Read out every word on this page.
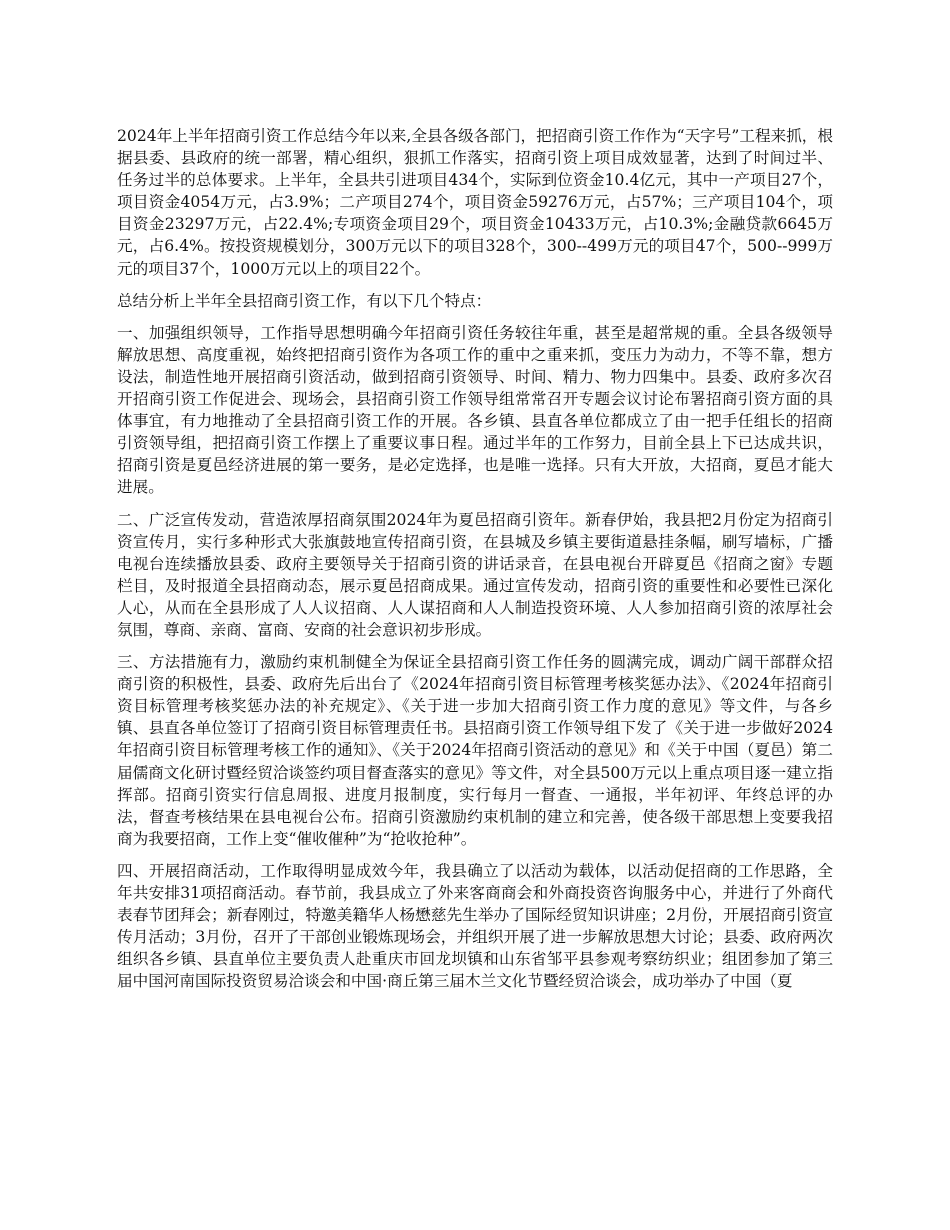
2024年上半年招商引资工作总结今年以来,全县各级各部门，把招商引资工作作为“天字号”工程来抓，根据县委、县政府的统一部署，精心组织，狠抓工作落实，招商引资上项目成效显著，达到了时间过半、任务过半的总体要求。上半年，全县共引进项目434个，实际到位资金10.4亿元，其中一产项目27个，项目资金4054万元，占3.9%；二产项目274个，项目资金59276万元，占57%；三产项目104个，项目资金23297万元，占22.4%;专项资金项目29个，项目资金10433万元，占10.3%;金融贷款6645万元，占6.4%。按投资规模划分，300万元以下的项目328个，300--499万元的项目47个，500--999万元的项目37个，1000万元以上的项目22个。

总结分析上半年全县招商引资工作，有以下几个特点：

一、加强组织领导，工作指导思想明确今年招商引资任务较往年重，甚至是超常规的重。全县各级领导解放思想、高度重视，始终把招商引资作为各项工作的重中之重来抓，变压力为动力，不等不靠，想方设法，制造性地开展招商引资活动，做到招商引资领导、时间、精力、物力四集中。县委、政府多次召开招商引资工作促进会、现场会，县招商引资工作领导组常常召开专题会议讨论布署招商引资方面的具体事宜，有力地推动了全县招商引资工作的开展。各乡镇、县直各单位都成立了由一把手任组长的招商引资领导组，把招商引资工作摆上了重要议事日程。通过半年的工作努力，目前全县上下已达成共识，招商引资是夏邑经济进展的第一要务，是必定选择，也是唯一选择。只有大开放，大招商，夏邑才能大进展。

二、广泛宣传发动，营造浓厚招商氛围2024年为夏邑招商引资年。新春伊始，我县把2月份定为招商引资宣传月，实行多种形式大张旗鼓地宣传招商引资，在县城及乡镇主要街道悬挂条幅，刷写墙标，广播电视台连续播放县委、政府主要领导关于招商引资的讲话录音，在县电视台开辟夏邑《招商之窗》专题栏目，及时报道全县招商动态，展示夏邑招商成果。通过宣传发动，招商引资的重要性和必要性已深化人心，从而在全县形成了人人议招商、人人谋招商和人人制造投资环境、人人参加招商引资的浓厚社会氛围，尊商、亲商、富商、安商的社会意识初步形成。

三、方法措施有力，激励约束机制健全为保证全县招商引资工作任务的圆满完成，调动广阔干部群众招商引资的积极性，县委、政府先后出台了《2024年招商引资目标管理考核奖惩办法》、《2024年招商引资目标管理考核奖惩办法的补充规定》、《关于进一步加大招商引资工作力度的意见》等文件，与各乡镇、县直各单位签订了招商引资目标管理责任书。县招商引资工作领导组下发了《关于进一步做好2024年招商引资目标管理考核工作的通知》、《关于2024年招商引资活动的意见》和《关于中国（夏邑）第二届儒商文化研讨暨经贸洽谈签约项目督查落实的意见》等文件，对全县500万元以上重点项目逐一建立指挥部。招商引资实行信息周报、进度月报制度，实行每月一督查、一通报，半年初评、年终总评的办法，督查考核结果在县电视台公布。招商引资激励约束机制的建立和完善，使各级干部思想上变要我招商为我要招商，工作上变“催收催种”为“抢收抢种”。

四、开展招商活动，工作取得明显成效今年，我县确立了以活动为载体，以活动促招商的工作思路，全年共安排31项招商活动。春节前，我县成立了外来客商商会和外商投资咨询服务中心，并进行了外商代表春节团拜会；新春刚过，特邀美籍华人杨懋慈先生举办了国际经贸知识讲座；2月份，开展招商引资宣传月活动；3月份，召开了干部创业锻炼现场会，并组织开展了进一步解放思想大讨论；县委、政府两次组织各乡镇、县直单位主要负责人赴重庆市回龙坝镇和山东省邹平县参观考察纺织业；组团参加了第三届中国河南国际投资贸易洽谈会和中国·商丘第三届木兰文化节暨经贸洽谈会，成功举办了中国（夏
